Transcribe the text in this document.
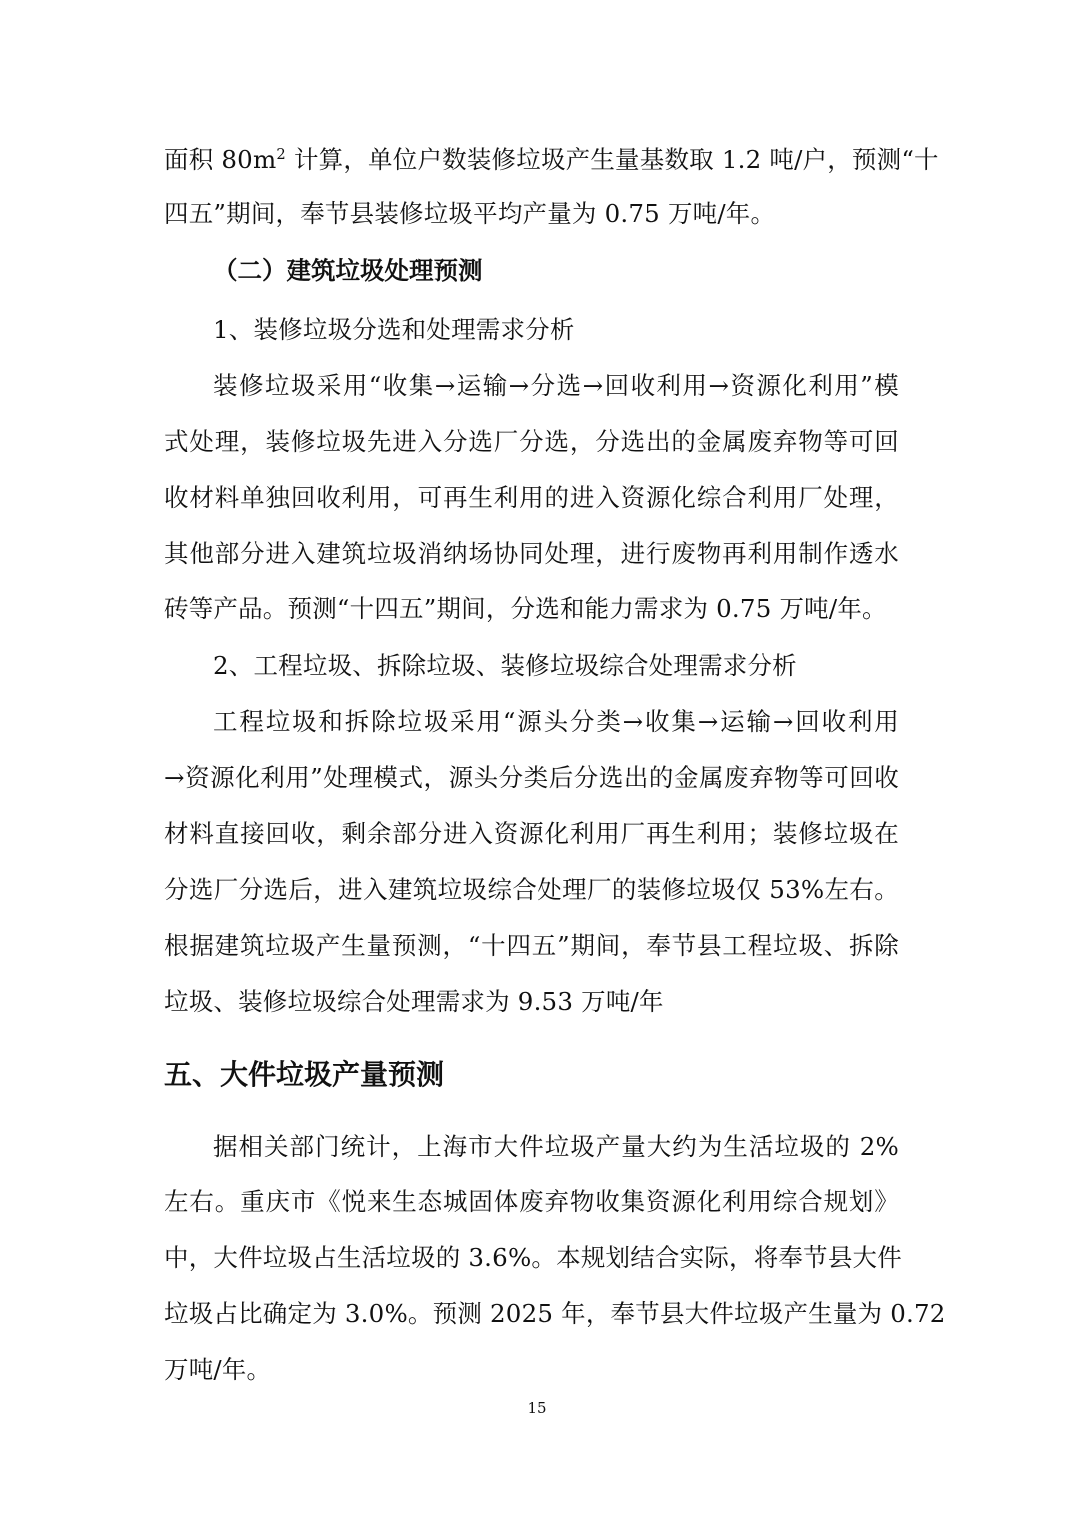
面积 $80m^2$ 计算，单位户数装修垃圾产生量基数取 1.2 吨/户，预测“十
四五”期间，奉节县装修垃圾平均产量为 0.75 万吨/年。
（二）建筑垃圾处理预测
1、装修垃圾分选和处理需求分析
装修垃圾采用“收集→运输→分选→回收利用→资源化利用”模
式处理，装修垃圾先进入分选厂分选，分选出的金属废弃物等可回
收材料单独回收利用，可再生利用的进入资源化综合利用厂处理，
其他部分进入建筑垃圾消纳场协同处理，进行废物再利用制作透水
砖等产品。预测“十四五”期间，分选和能力需求为 0.75 万吨/年。
2、工程垃圾、拆除垃圾、装修垃圾综合处理需求分析
工程垃圾和拆除垃圾采用“源头分类→收集→运输→回收利用
→资源化利用”处理模式，源头分类后分选出的金属废弃物等可回收
材料直接回收，剩余部分进入资源化利用厂再生利用；装修垃圾在
分选厂分选后，进入建筑垃圾综合处理厂的装修垃圾仅 53%左右。
根据建筑垃圾产生量预测，“十四五”期间，奉节县工程垃圾、拆除
垃圾、装修垃圾综合处理需求为 9.53 万吨/年
五、大件垃圾产量预测
据相关部门统计，上海市大件垃圾产量大约为生活垃圾的 2%
左右。重庆市《悦来生态城固体废弃物收集资源化利用综合规划》
中，大件垃圾占生活垃圾的 3.6%。本规划结合实际，将奉节县大件
垃圾占比确定为 3.0%。预测 2025 年，奉节县大件垃圾产生量为 0.72
万吨/年。
15
